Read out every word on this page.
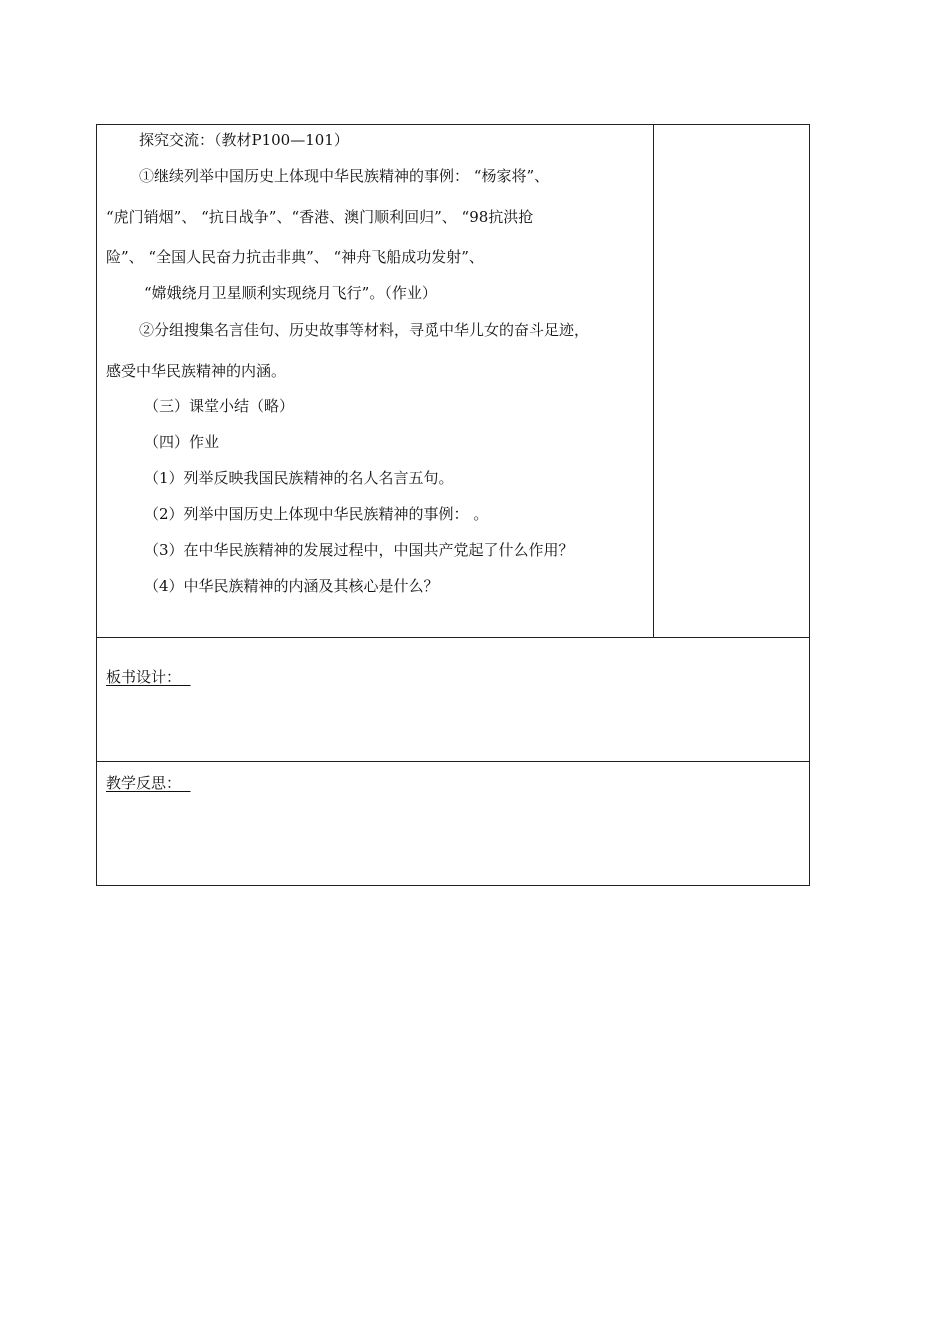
探究交流：（教材P100—101）
①继续列举中国历史上体现中华民族精神的事例： “杨家将”、
“虎门销烟”、 “抗日战争”、“香港、澳门顺利回归”、 “98抗洪抢
险”、 “全国人民奋力抗击非典”、 “神舟飞船成功发射”、
“嫦娥绕月卫星顺利实现绕月飞行”。（作业）
②分组搜集名言佳句、历史故事等材料，寻觅中华儿女的奋斗足迹，
感受中华民族精神的内涵。
（三）课堂小结（略）
（四）作业
（1）列举反映我国民族精神的名人名言五句。
（2）列举中国历史上体现中华民族精神的事例： 。
（3）在中华民族精神的发展过程中，中国共产党起了什么作用？
（4）中华民族精神的内涵及其核心是什么？
板书设计：
教学反思：
